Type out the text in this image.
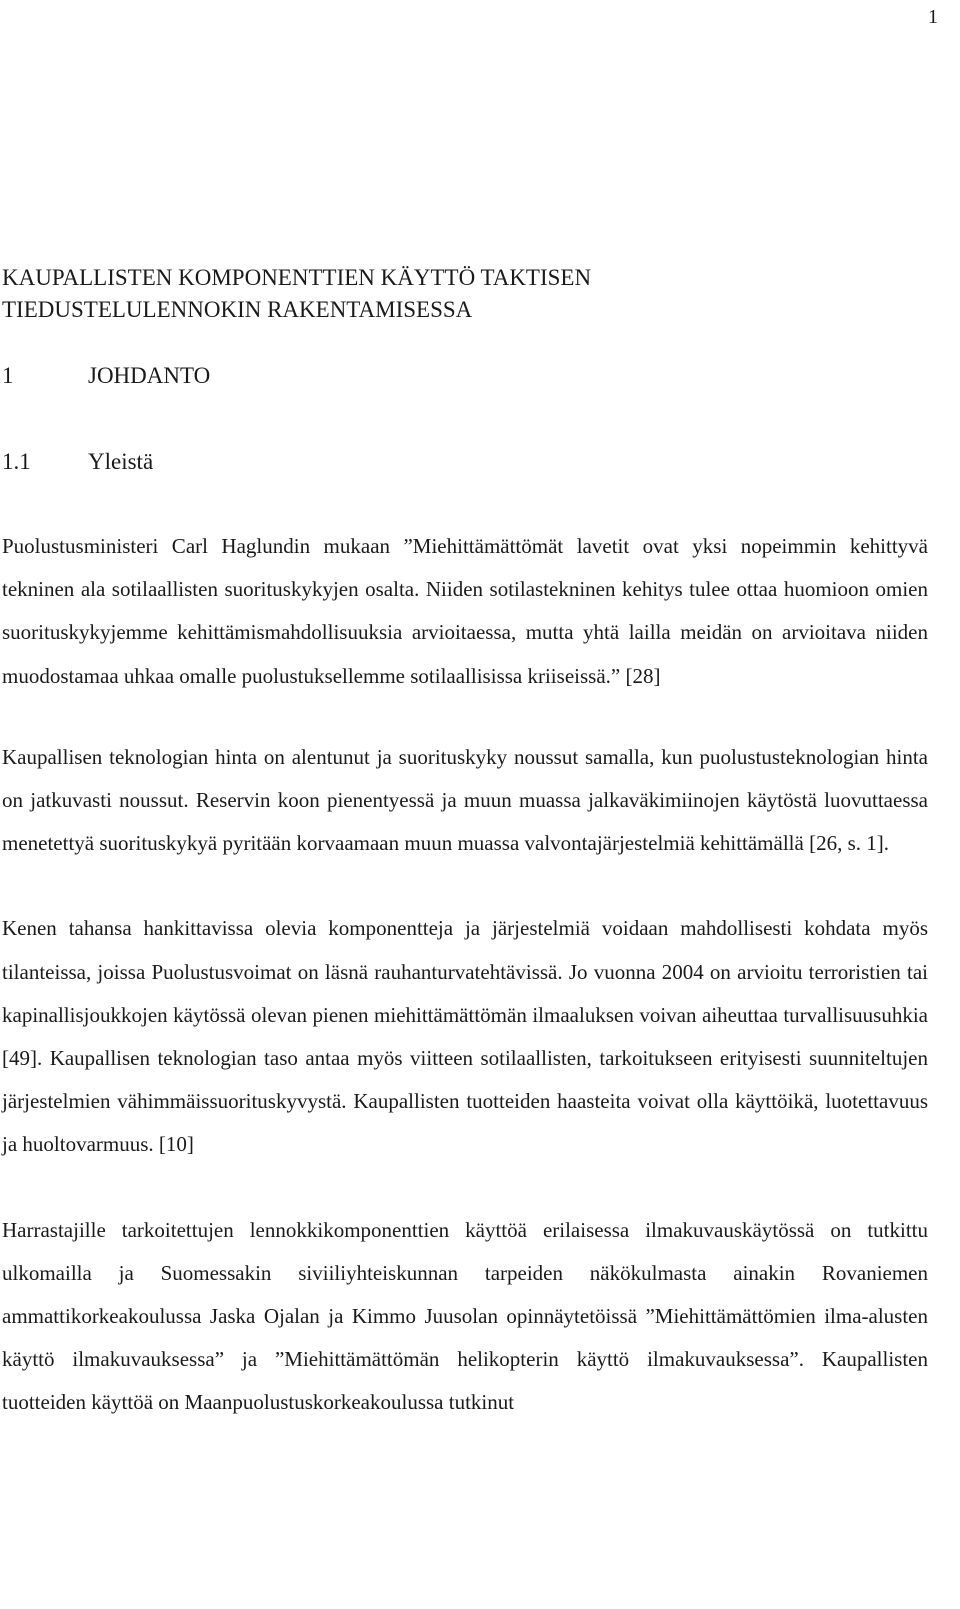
1
KAUPALLISTEN KOMPONENTTIEN KÄYTTÖ TAKTISEN
TIEDUSTELULENNOKIN RAKENTAMISESSA
1	JOHDANTO
1.1 Yleistä

Puolustusministeri Carl Haglundin mukaan ”Miehittämättömät lavetit ovat yksi nopeimmin kehittyvä tekninen ala sotilaallisten suorituskykyjen osalta. Niiden sotilastekninen kehitys tulee ottaa huomioon omien suorituskykyjemme kehittämismahdollisuuksia arvioitaessa, mutta yhtä lailla meidän on arvioitava niiden muodostamaa uhkaa omalle puolustuksellemme sotilaallisissa kriiseissä.” [28]

Kaupallisen teknologian hinta on alentunut ja suorituskyky noussut samalla, kun puolustusteknologian hinta on jatkuvasti noussut. Reservin koon pienentyessä ja muun muassa jalkaväkimiinojen käytöstä luovuttaessa menetettyä suorituskykyä pyritään korvaamaan muun muassa valvontajärjestelmiä kehittämällä [26, s. 1].

Kenen tahansa hankittavissa olevia komponentteja ja järjestelmiä voidaan mahdollisesti kohdata myös tilanteissa, joissa Puolustusvoimat on läsnä rauhanturvatehtävissä. Jo vuonna 2004 on arvioitu terroristien tai kapinallisjoukkojen käytössä olevan pienen miehittämättömän ilmaaluksen voivan aiheuttaa turvallisuusuhkia [49]. Kaupallisen teknologian taso antaa myös viitteen sotilaallisten, tarkoitukseen erityisesti suunniteltujen järjestelmien vähimmäissuorituskyvystä. Kaupallisten tuotteiden haasteita voivat olla käyttöikä, luotettavuus ja huoltovarmuus. [10]

Harrastajille tarkoitettujen lennokkikomponenttien käyttöä erilaisessa ilmakuvauskäytössä on tutkittu ulkomailla ja Suomessakin siviiliyhteiskunnan tarpeiden näkökulmasta ainakin Rovaniemen ammattikorkeakoulussa Jaska Ojalan ja Kimmo Juusolan opinnäytetöissä ”Miehittämättömien ilma-alusten käyttö ilmakuvauksessa” ja ”Miehittämättömän helikopterin käyttö ilmakuvauksessa”. Kaupallisten tuotteiden käyttöä on Maanpuolustuskorkeakoulussa tutkinut
